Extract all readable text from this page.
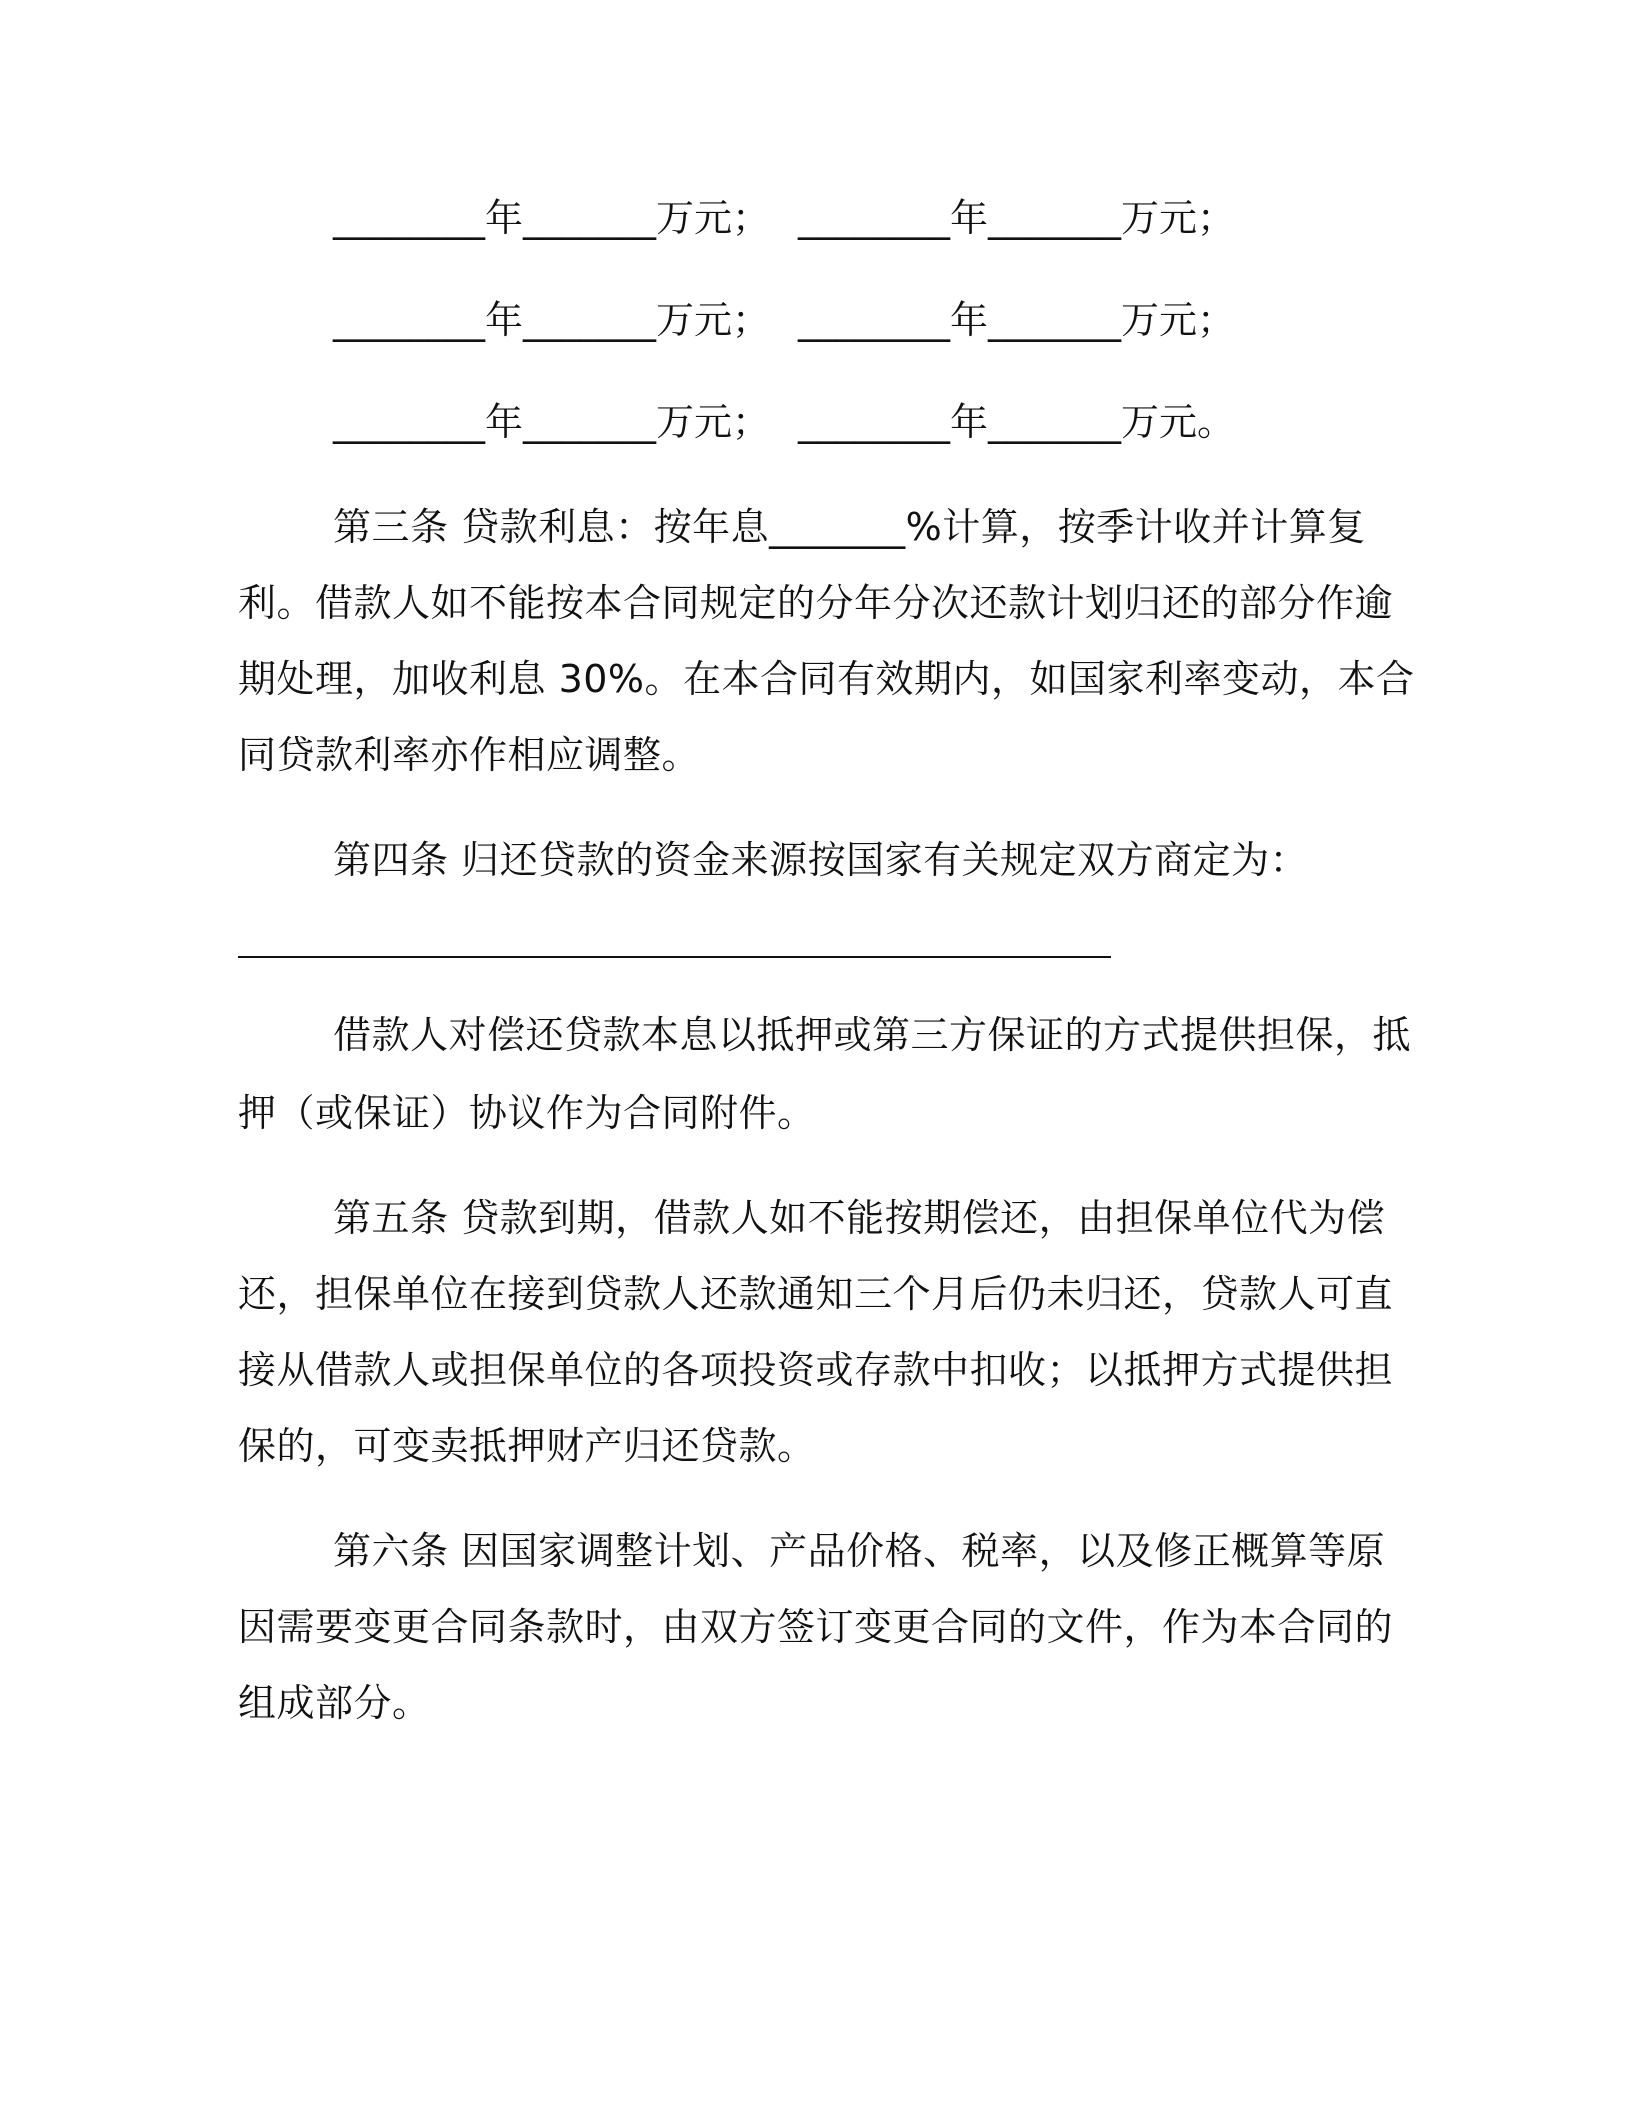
________年_______万元； ________年_______万元；
________年_______万元； ________年_______万元；
________年_______万元； ________年_______万元。
第三条 贷款利息：按年息_______%计算，按季计收并计算复
利。借款人如不能按本合同规定的分年分次还款计划归还的部分作逾
期处理，加收利息 30%。在本合同有效期内，如国家利率变动，本合
同贷款利率亦作相应调整。
第四条 归还贷款的资金来源按国家有关规定双方商定为：
借款人对偿还贷款本息以抵押或第三方保证的方式提供担保，抵
押（或保证）协议作为合同附件。
第五条 贷款到期，借款人如不能按期偿还，由担保单位代为偿
还，担保单位在接到贷款人还款通知三个月后仍未归还，贷款人可直
接从借款人或担保单位的各项投资或存款中扣收；以抵押方式提供担
保的，可变卖抵押财产归还贷款。
第六条 因国家调整计划、产品价格、税率，以及修正概算等原
因需要变更合同条款时，由双方签订变更合同的文件，作为本合同的
组成部分。
